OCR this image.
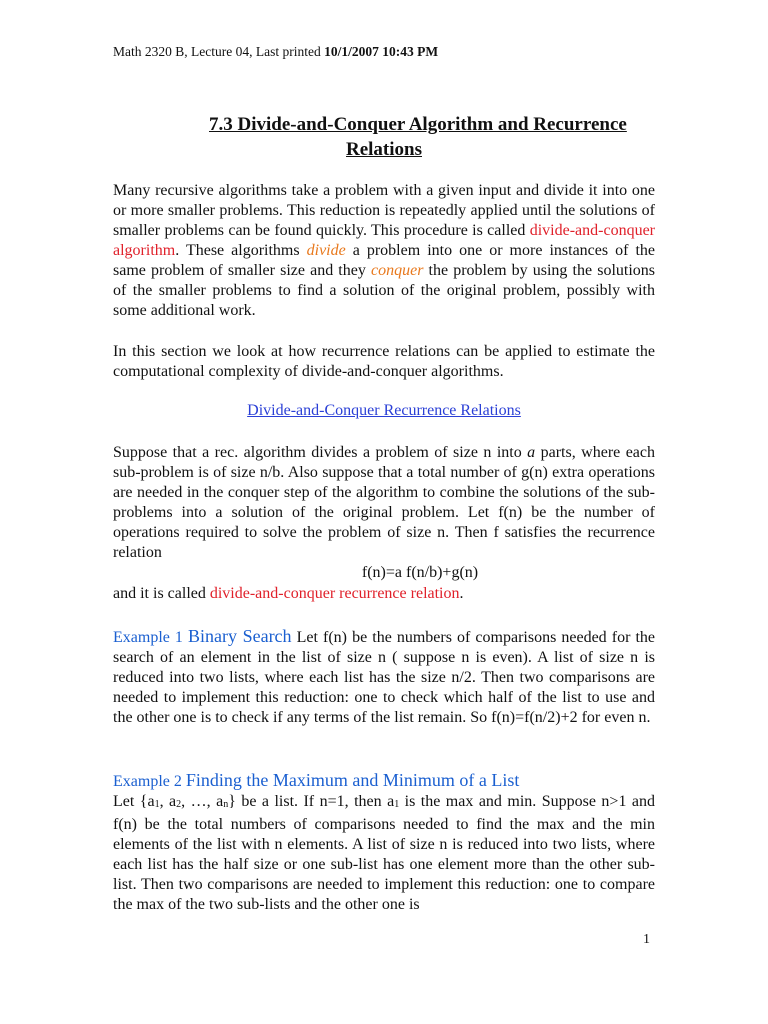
Math 2320 B, Lecture 04, Last printed 10/1/2007 10:43 PM
7.3 Divide-and-Conquer Algorithm and Recurrence
Relations
Many recursive algorithms take a problem with a given input and divide it into one or more smaller problems. This reduction is repeatedly applied until the solutions of smaller problems can be found quickly. This procedure is called divide-and-conquer algorithm. These algorithms divide a problem into one or more instances of the same problem of smaller size and they conquer the problem by using the solutions of the smaller problems to find a solution of the original problem, possibly with some additional work.
In this section we look at how recurrence relations can be applied to estimate the computational complexity of divide-and-conquer algorithms.
Divide-and-Conquer Recurrence Relations
Suppose that a rec. algorithm divides a problem of size n into a parts, where each sub-problem is of size n/b. Also suppose that a total number of g(n) extra operations are needed in the conquer step of the algorithm to combine the solutions of the sub-problems into a solution of the original problem. Let f(n) be the number of operations required to solve the problem of size n. Then f satisfies the recurrence relation
f(n)=a f(n/b)+g(n)
and it is called divide-and-conquer recurrence relation.
Example 1 Binary Search Let f(n) be the numbers of comparisons needed for the search of an element in the list of size n ( suppose n is even). A list of size n is reduced into two lists, where each list has the size n/2. Then two comparisons are needed to implement this reduction: one to check which half of the list to use and the other one is to check if any terms of the list remain. So f(n)=f(n/2)+2 for even n.
Example 2 Finding the Maximum and Minimum of a List
Let {$a_1$, $a_2$, …, $a_n$} be a list. If n=1, then $a_1$ is the max and min. Suppose n>1 and f(n) be the total numbers of comparisons needed to find the max and the min elements of the list with n elements. A list of size n is reduced into two lists, where each list has the half size or one sub-list has one element more than the other sub-list. Then two comparisons are needed to implement this reduction: one to compare the max of the two sub-lists and the other one is
1
